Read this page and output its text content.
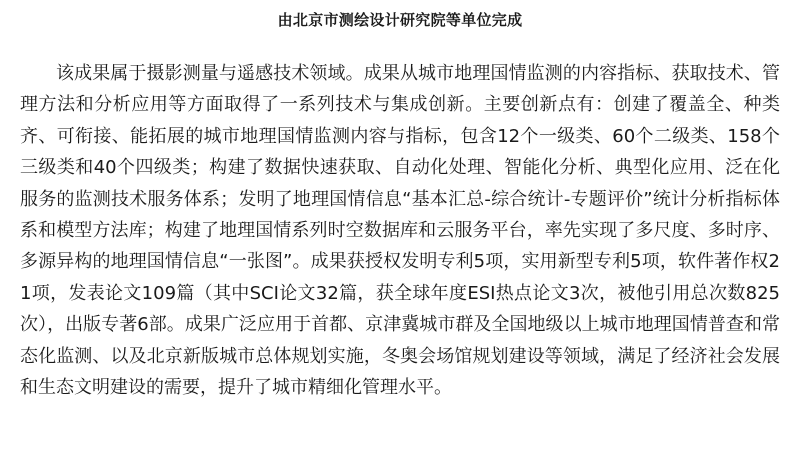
由北京市测绘设计研究院等单位完成

该成果属于摄影测量与遥感技术领域。成果从城市地理国情监测的内容指标、获取技术、管理方法和分析应用等方面取得了一系列技术与集成创新。主要创新点有：创建了覆盖全、种类齐、可衔接、能拓展的城市地理国情监测内容与指标，包含12个一级类、60个二级类、158个三级类和40个四级类；构建了数据快速获取、自动化处理、智能化分析、典型化应用、泛在化服务的监测技术服务体系；发明了地理国情信息“基本汇总-综合统计-专题评价”统计分析指标体系和模型方法库；构建了地理国情系列时空数据库和云服务平台，率先实现了多尺度、多时序、多源异构的地理国情信息“一张图”。成果获授权发明专利5项，实用新型专利5项，软件著作权21项，发表论文109篇（其中SCI论文32篇，获全球年度ESI热点论文3次，被他引用总次数825次），出版专著6部。成果广泛应用于首都、京津冀城市群及全国地级以上城市地理国情普查和常态化监测、以及北京新版城市总体规划实施，冬奥会场馆规划建设等领域，满足了经济社会发展和生态文明建设的需要，提升了城市精细化管理水平。
